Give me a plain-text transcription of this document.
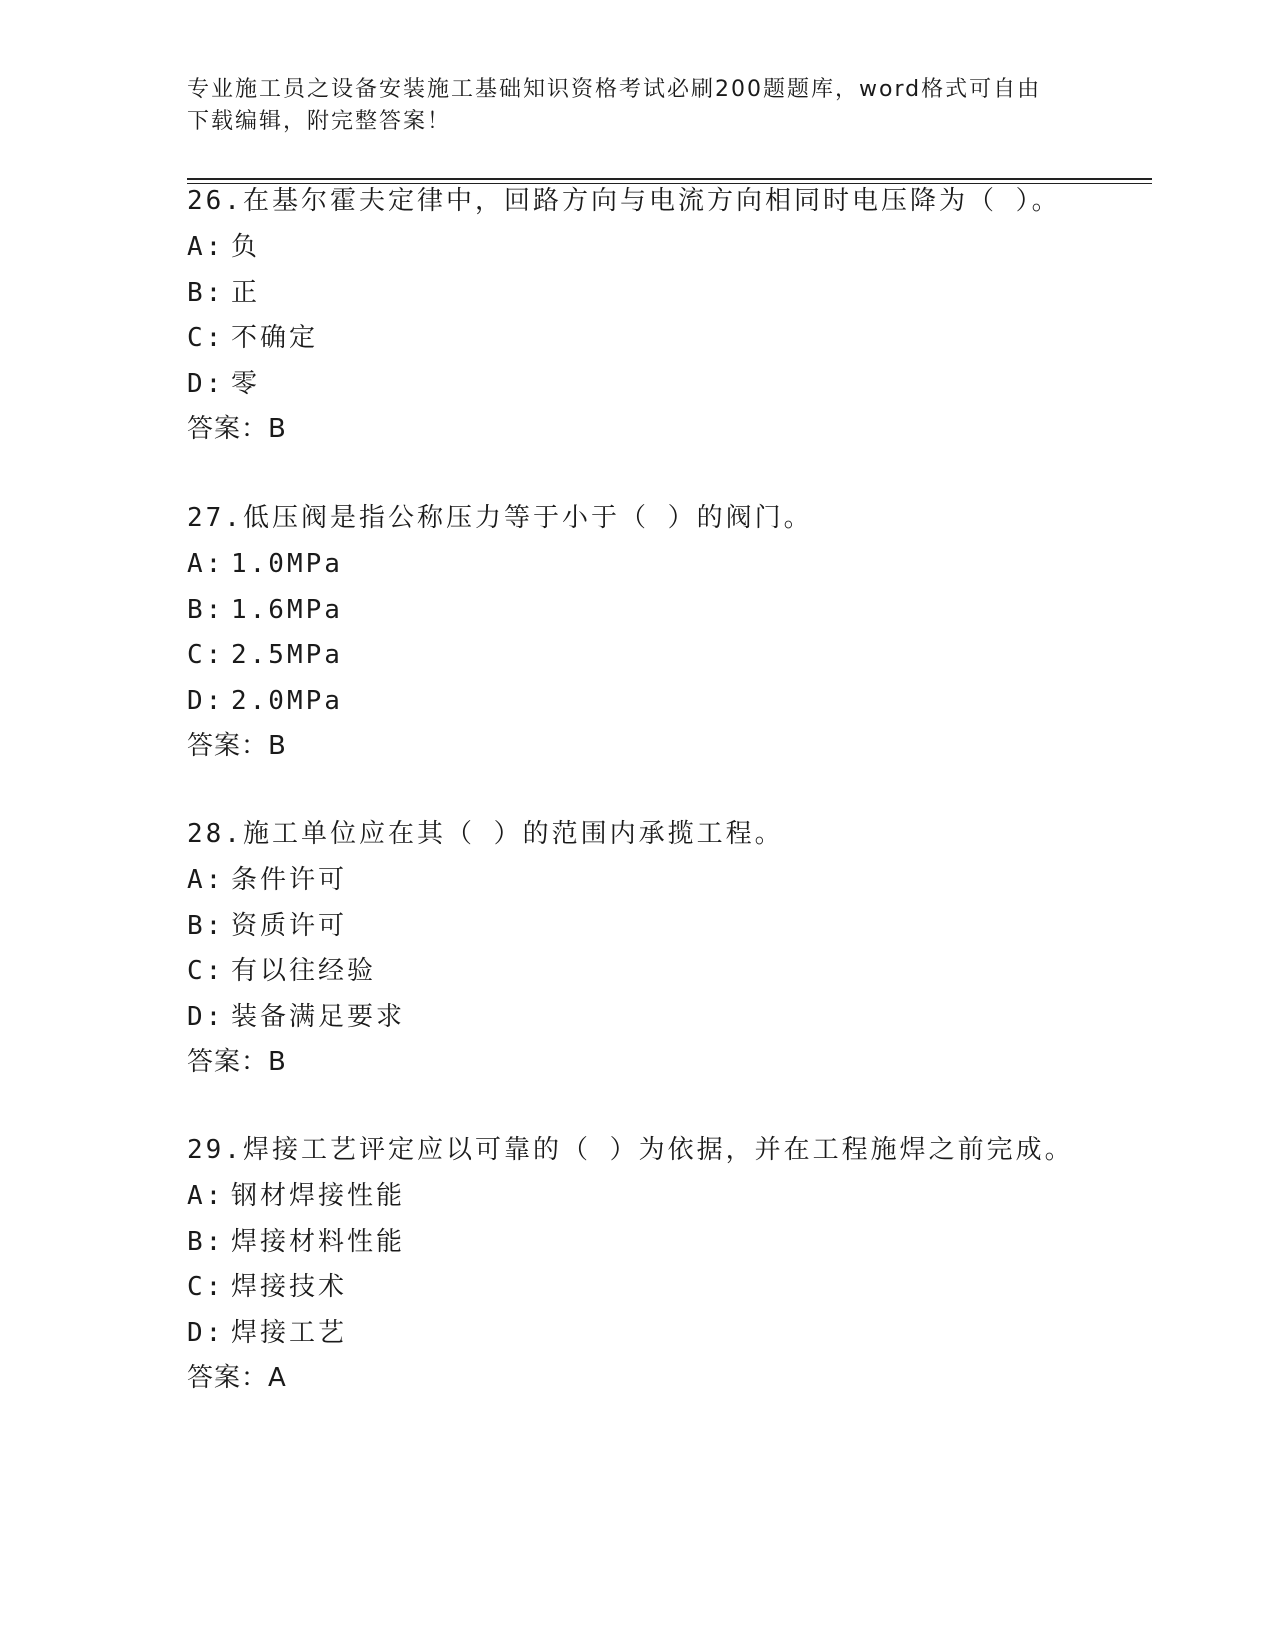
专业施工员之设备安装施工基础知识资格考试必刷200题题库，word格式可自由
下载编辑，附完整答案！
26.在基尔霍夫定律中，回路方向与电流方向相同时电压降为（ ）。
A: 负
B: 正
C: 不确定
D: 零
答案：B
27.低压阀是指公称压力等于小于（ ）的阀门。
A: 1.0MPa
B: 1.6MPa
C: 2.5MPa
D: 2.0MPa
答案：B
28.施工单位应在其（ ）的范围内承揽工程。
A: 条件许可
B: 资质许可
C: 有以往经验
D: 装备满足要求
答案：B
29.焊接工艺评定应以可靠的（ ）为依据，并在工程施焊之前完成。
A: 钢材焊接性能
B: 焊接材料性能
C: 焊接技术
D: 焊接工艺
答案：A
